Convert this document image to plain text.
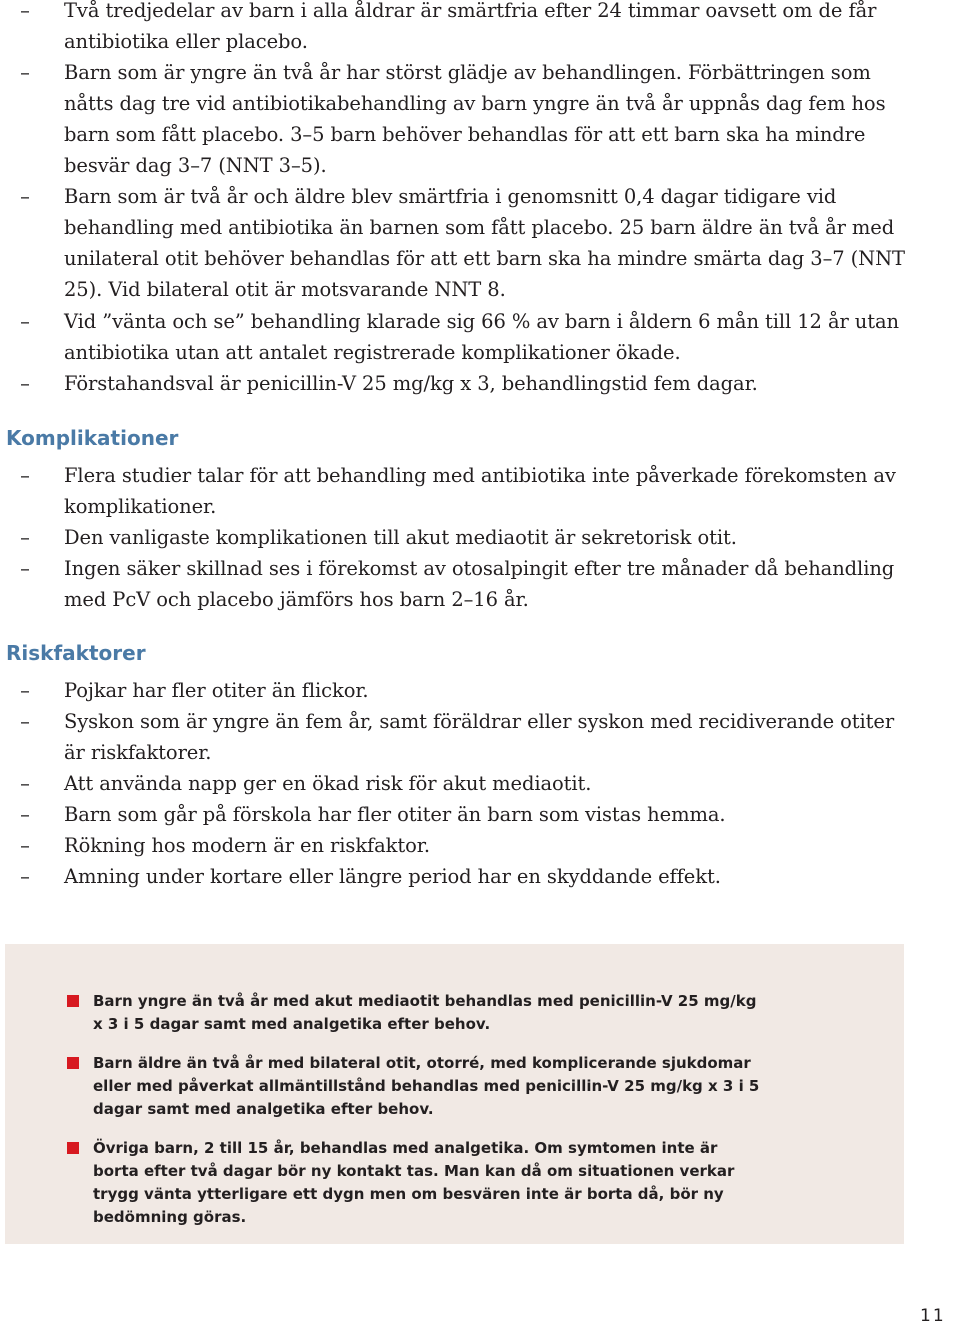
–	Två tredjedelar av barn i alla åldrar är smärtfria efter 24 timmar oavsett om de får antibiotika eller placebo.
–	Barn som är yngre än två år har störst glädje av behandlingen. Förbättringen som nåtts dag tre vid antibiotikabehandling av barn yngre än två år uppnås dag fem hos barn som fått placebo. 3–5 barn behöver behandlas för att ett barn ska ha mindre besvär dag 3–7 (NNT 3–5).
–	Barn som är två år och äldre blev smärtfria i genomsnitt 0,4 dagar tidigare vid behandling med antibiotika än barnen som fått placebo. 25 barn äldre än två år med unilateral otit behöver behandlas för att ett barn ska ha mindre smärta dag 3–7 (NNT 25). Vid bilateral otit är motsvarande NNT 8.
–	Vid ”vänta och se” behandling klarade sig 66 % av barn i åldern 6 mån till 12 år utan antibiotika utan att antalet registrerade komplikationer ökade.
–	Förstahandsval är penicillin-V 25 mg/kg x 3, behandlingstid fem dagar.
Komplikationer
–	Flera studier talar för att behandling med antibiotika inte påverkade förekomsten av komplikationer.
–	Den vanligaste komplikationen till akut mediaotit är sekretorisk otit.
–	Ingen säker skillnad ses i förekomst av otosalpingit efter tre månader då behandling med PcV och placebo jämförs hos barn 2–16 år.
Riskfaktorer
–	Pojkar har fler otiter än flickor.
–	Syskon som är yngre än fem år, samt föräldrar eller syskon med recidiverande otiter är riskfaktorer.
–	Att använda napp ger en ökad risk för akut mediaotit.
–	Barn som går på förskola har fler otiter än barn som vistas hemma.
–	Rökning hos modern är en riskfaktor.
–	Amning under kortare eller längre period har en skyddande effekt.
Barn yngre än två år med akut mediaotit behandlas med penicillin-V 25 mg/kg x 3 i 5 dagar samt med analgetika efter behov.
Barn äldre än två år med bilateral otit, otorré, med komplicerande sjukdomar eller med påverkat allmäntillstånd behandlas med penicillin-V 25 mg/kg x 3 i 5 dagar samt med analgetika efter behov.
Övriga barn, 2 till 15 år, behandlas med analgetika. Om symtomen inte är borta efter två dagar bör ny kontakt tas. Man kan då om situationen verkar trygg vänta ytterligare ett dygn men om besvären inte är borta då, bör ny bedömning göras.
11
